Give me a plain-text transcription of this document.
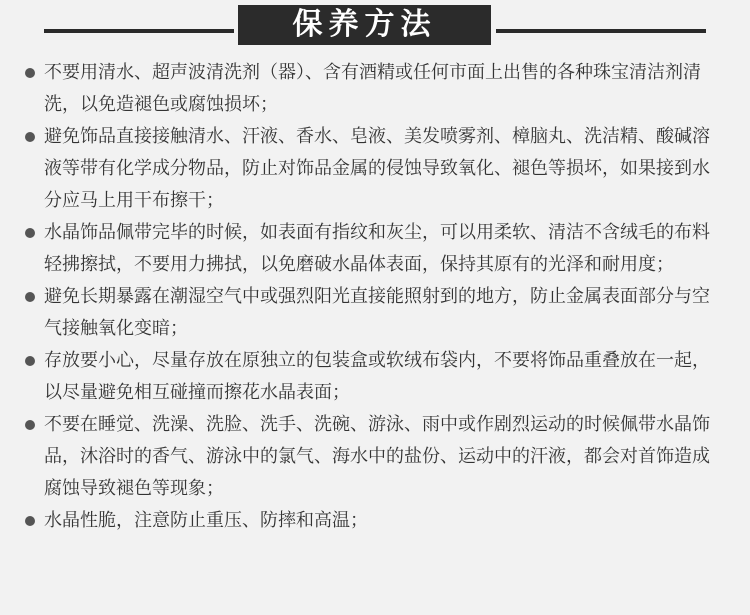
保养方法
不要用清水、超声波清洗剂（器）、含有酒精或任何市面上出售的各种珠宝清洁剂清洗，以免造褪色或腐蚀损坏；
避免饰品直接接触清水、汗液、香水、皂液、美发喷雾剂、樟脑丸、洗洁精、酸碱溶液等带有化学成分物品，防止对饰品金属的侵蚀导致氧化、褪色等损坏，如果接到水分应马上用干布擦干；
水晶饰品佩带完毕的时候，如表面有指纹和灰尘，可以用柔软、清洁不含绒毛的布料轻拂擦拭，不要用力拂拭，以免磨破水晶体表面，保持其原有的光泽和耐用度；
避免长期暴露在潮湿空气中或强烈阳光直接能照射到的地方，防止金属表面部分与空气接触氧化变暗；
存放要小心，尽量存放在原独立的包装盒或软绒布袋内，不要将饰品重叠放在一起，以尽量避免相互碰撞而擦花水晶表面；
不要在睡觉、洗澡、洗脸、洗手、洗碗、游泳、雨中或作剧烈运动的时候佩带水晶饰品，沐浴时的香气、游泳中的氯气、海水中的盐份、运动中的汗液，都会对首饰造成腐蚀导致褪色等现象；
水晶性脆，注意防止重压、防摔和高温；
